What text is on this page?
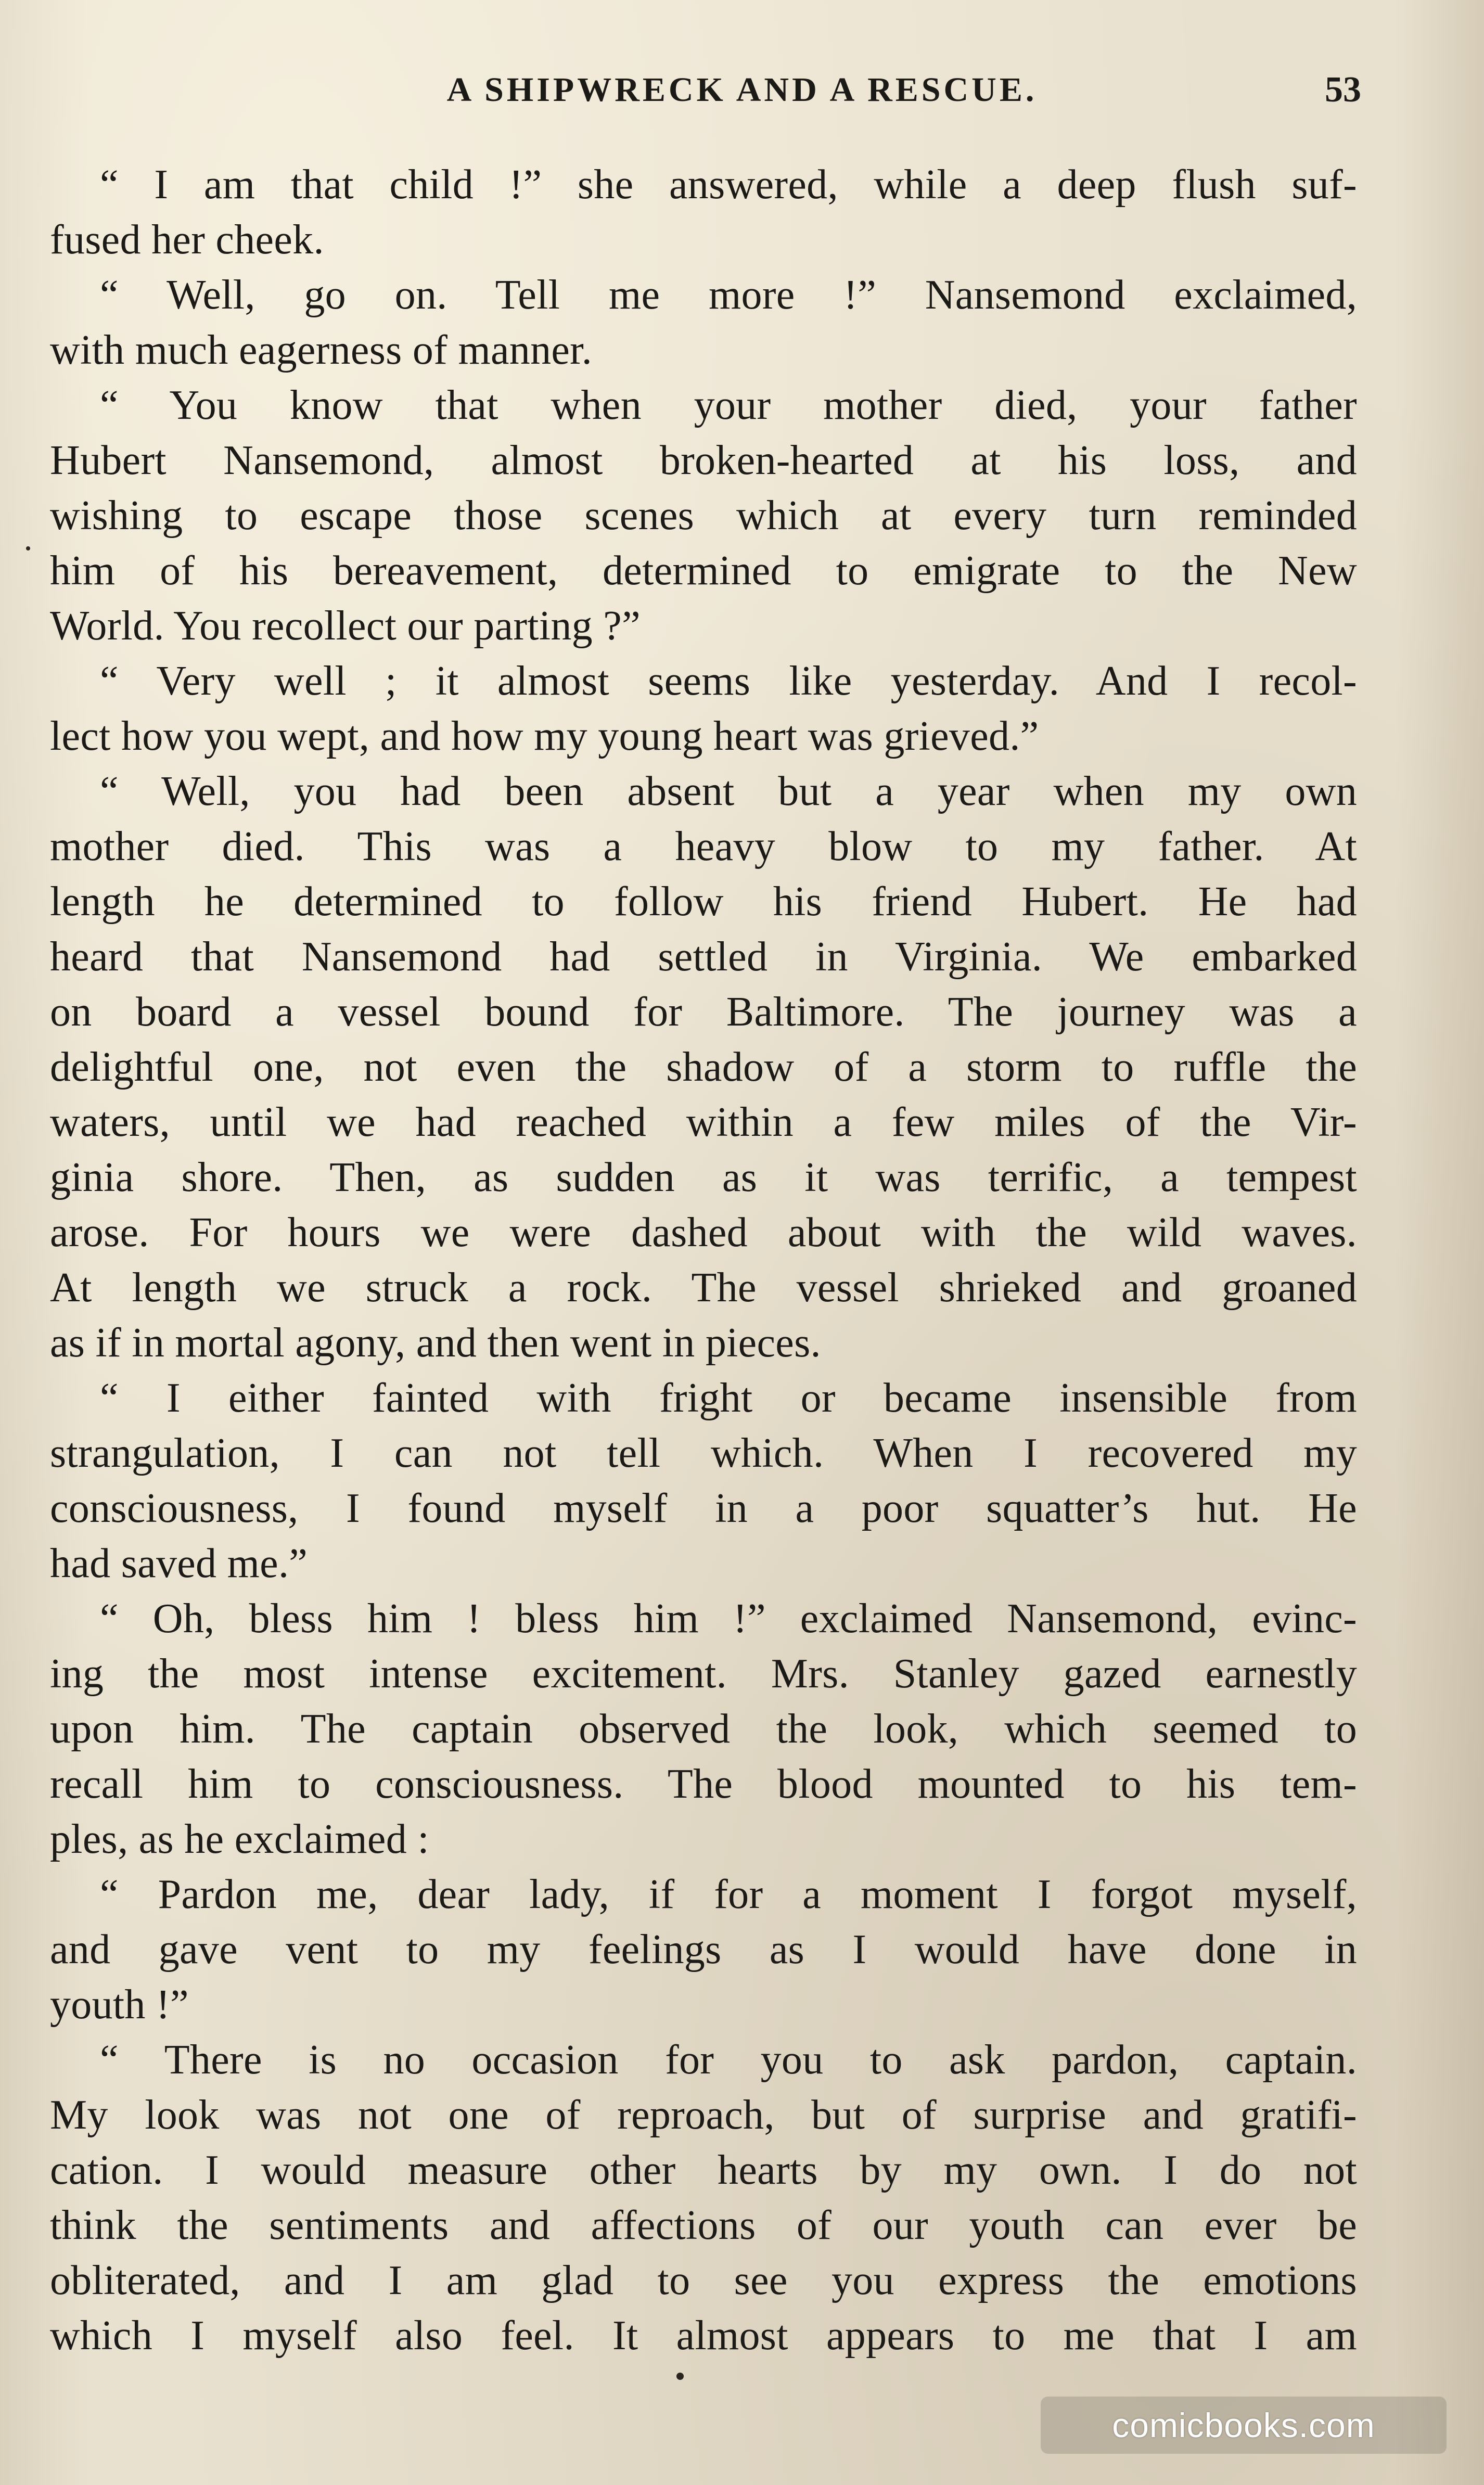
A SHIPWRECK AND A RESCUE.	53
“ I am that child !” she answered, while a deep flush suf-
fused her cheek.
“ Well, go on. Tell me more !” Nansemond exclaimed,
with much eagerness of manner.
“ You know that when your mother died, your father
Hubert Nansemond, almost broken-hearted at his loss, and
wishing to escape those scenes which at every turn reminded
him of his bereavement, determined to emigrate to the New
World. You recollect our parting ?”
“ Very well ; it almost seems like yesterday. And I recol-
lect how you wept, and how my young heart was grieved.”
“ Well, you had been absent but a year when my own
mother died. This was a heavy blow to my father. At
length he determined to follow his friend Hubert. He had
heard that Nansemond had settled in Virginia. We embarked
on board a vessel bound for Baltimore. The journey was a
delightful one, not even the shadow of a storm to ruffle the
waters, until we had reached within a few miles of the Vir-
ginia shore. Then, as sudden as it was terrific, a tempest
arose. For hours we were dashed about with the wild waves.
At length we struck a rock. The vessel shrieked and groaned
as if in mortal agony, and then went in pieces.
“ I either fainted with fright or became insensible from
strangulation, I can not tell which. When I recovered my
consciousness, I found myself in a poor squatter’s hut. He
had saved me.”
“ Oh, bless him ! bless him !” exclaimed Nansemond, evinc-
ing the most intense excitement. Mrs. Stanley gazed earnestly
upon him. The captain observed the look, which seemed to
recall him to consciousness. The blood mounted to his tem-
ples, as he exclaimed :
“ Pardon me, dear lady, if for a moment I forgot myself,
and gave vent to my feelings as I would have done in
youth !”
“ There is no occasion for you to ask pardon, captain.
My look was not one of reproach, but of surprise and gratifi-
cation. I would measure other hearts by my own. I do not
think the sentiments and affections of our youth can ever be
obliterated, and I am glad to see you express the emotions
which I myself also feel. It almost appears to me that I am
comicbooks.com
